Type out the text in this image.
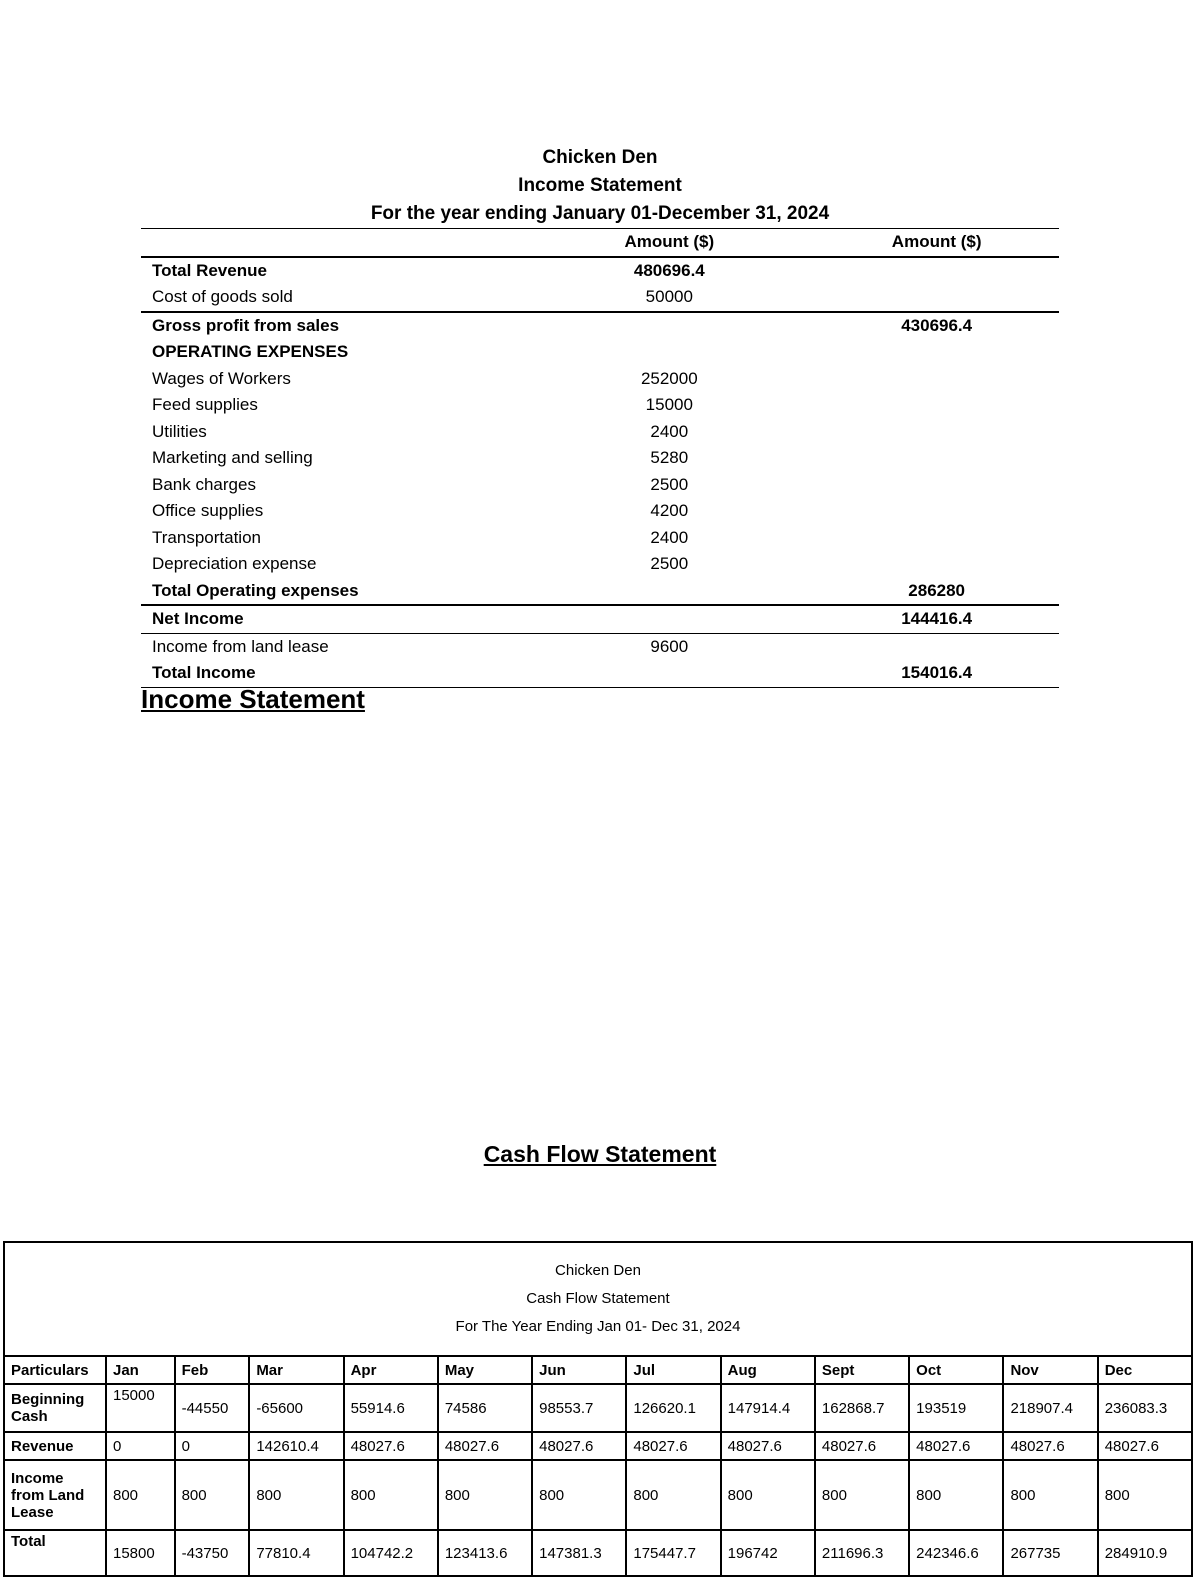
Chicken Den
Income Statement
For the year ending January 01-December 31, 2024
	Amount ($)	Amount ($)
Total Revenue	480696.4	
Cost of goods sold	50000	
Gross profit from sales		430696.4
OPERATING EXPENSES		
Wages of Workers	252000	
Feed supplies	15000	
Utilities	2400	
Marketing and selling	5280	
Bank charges	2500	
Office supplies	4200	
Transportation	2400	
Depreciation expense	2500	
Total Operating expenses		286280
Net Income		144416.4
Income from land lease	9600	
Total Income		154016.4
Income Statement
Cash Flow Statement
Chicken Den
Cash Flow Statement
For The Year Ending Jan 01- Dec 31, 2024												

Particulars	Jan	Feb	Mar	Apr	May	Jun	Jul	Aug	Sept	Oct	Nov	Dec
Beginning Cash	15000	-44550	-65600	55914.6	74586	98553.7	126620.1	147914.4	162868.7	193519	218907.4	236083.3
Revenue	0	0	142610.4	48027.6	48027.6	48027.6	48027.6	48027.6	48027.6	48027.6	48027.6	48027.6
Income from Land Lease	800	800	800	800	800	800	800	800	800	800	800	800
Total	15800	-43750	77810.4	104742.2	123413.6	147381.3	175447.7	196742	211696.3	242346.6	267735	284910.9
